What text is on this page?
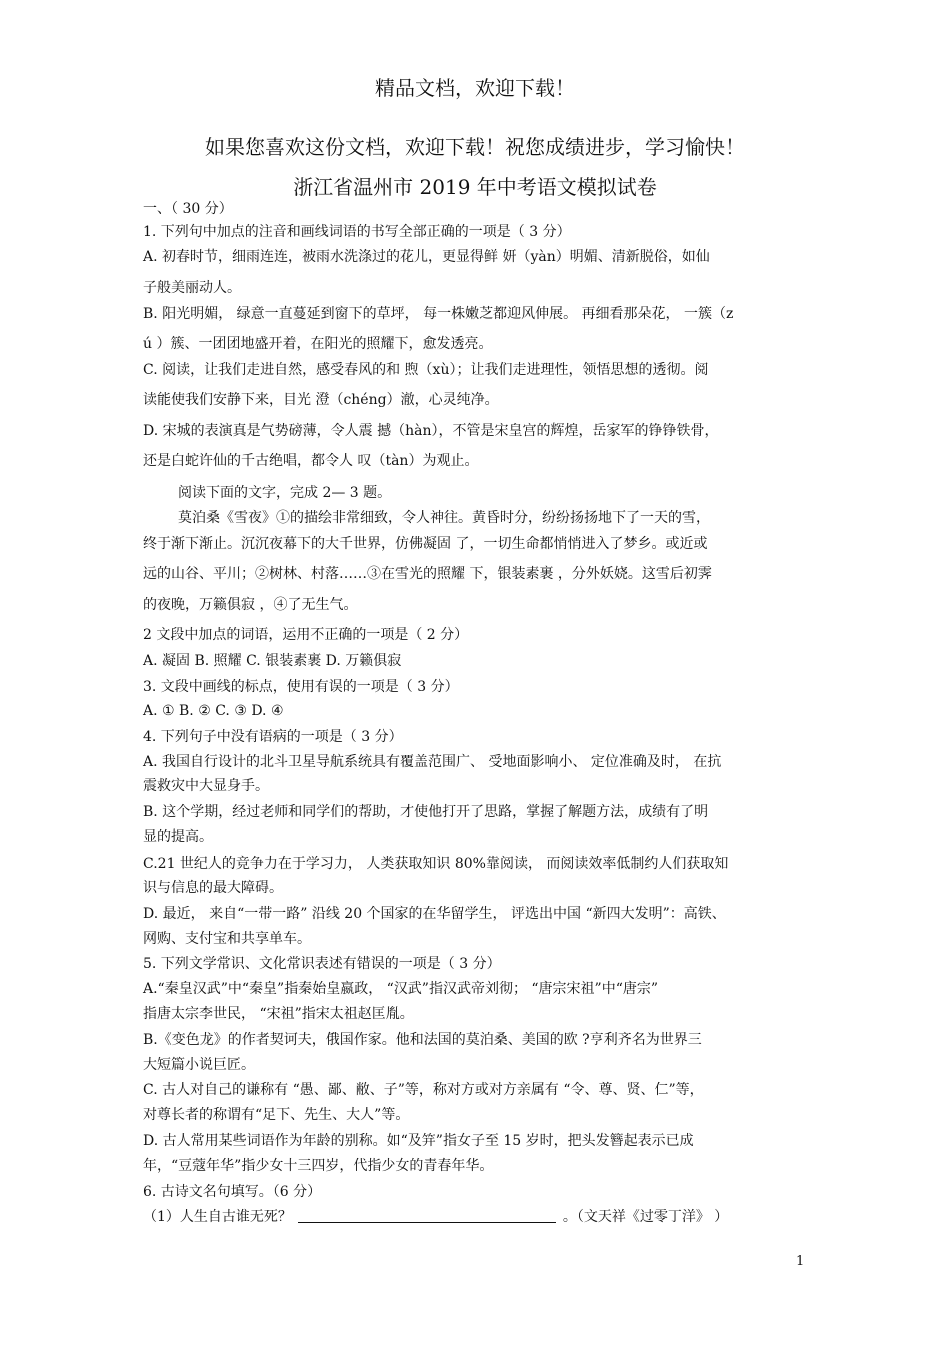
精品文档，欢迎下载！
如果您喜欢这份文档，欢迎下载！祝您成绩进步，学习愉快！
浙江省温州市 2019 年中考语文模拟试卷
一、（ 30 分）
1. 下列句中加点的注音和画线词语的书写全部正确的一项是（ 3 分）
A. 初春时节，细雨连连，被雨水洗涤过的花儿，更显得鲜 妍（yàn）明媚、清新脱俗，如仙
子般美丽动人。
B. 阳光明媚， 绿意一直蔓延到窗下的草坪， 每一株嫩芝都迎风伸展。 再细看那朵花， 一簇（z
ú ）簇、一团团地盛开着，在阳光的照耀下，愈发透亮。
C. 阅读，让我们走进自然，感受春风的和 煦（xù）；让我们走进理性，领悟思想的透彻。阅
读能使我们安静下来，目光 澄（chéng）澈，心灵纯净。
D. 宋城的表演真是气势磅薄，令人震 撼（hàn），不管是宋皇宫的辉煌，岳家军的铮铮铁骨，
还是白蛇许仙的千古绝唱，都令人 叹（tàn）为观止。
阅读下面的文字，完成 2— 3 题。
莫泊桑《雪夜》①的描绘非常细致，令人神往。黄昏时分，纷纷扬扬地下了一天的雪，
终于渐下渐止。沉沉夜幕下的大千世界，仿佛凝固 了，一切生命都悄悄进入了梦乡。或近或
远的山谷、平川；②树林、村落……③在雪光的照耀 下，银装素裹 ，分外妖娆。这雪后初霁
的夜晚，万籁俱寂 ，④了无生气。
2 文段中加点的词语，运用不正确的一项是（ 2 分）
A. 凝固 B. 照耀 C. 银装素裹 D. 万籁俱寂
3. 文段中画线的标点，使用有误的一项是（ 3 分）
A. ① B. ② C. ③ D. ④
4. 下列句子中没有语病的一项是（ 3 分）
A. 我国自行设计的北斗卫星导航系统具有覆盖范围广、 受地面影响小、 定位准确及时， 在抗
震救灾中大显身手。
B. 这个学期，经过老师和同学们的帮助，才使他打开了思路，掌握了解题方法，成绩有了明
显的提高。
C.21 世纪人的竞争力在于学习力， 人类获取知识 80%靠阅读， 而阅读效率低制约人们获取知
识与信息的最大障碍。
D. 最近， 来自“一带一路” 沿线 20 个国家的在华留学生， 评选出中国 “新四大发明”：高铁、
网购、支付宝和共享单车。
5. 下列文学常识、文化常识表述有错误的一项是（ 3 分）
A.“秦皇汉武”中“秦皇”指秦始皇嬴政， “汉武”指汉武帝刘彻； “唐宗宋祖”中“唐宗”
指唐太宗李世民， “宋祖”指宋太祖赵匡胤。
B.《变色龙》的作者契诃夫，俄国作家。他和法国的莫泊桑、美国的欧 ?亨利齐名为世界三
大短篇小说巨匠。
C. 古人对自己的谦称有 “愚、鄙、敝、子”等，称对方或对方亲属有 “令、尊、贤、仁”等，
对尊长者的称谓有“足下、先生、大人”等。
D. 古人常用某些词语作为年龄的别称。如“及笄”指女子至 15 岁时，把头发簪起表示已成
年，“豆蔻年华”指少女十三四岁，代指少女的青春年华。
6. 古诗文名句填写。（6 分）
（1）人生自古谁无死？	。（文天祥《过零丁洋》 ）
1
